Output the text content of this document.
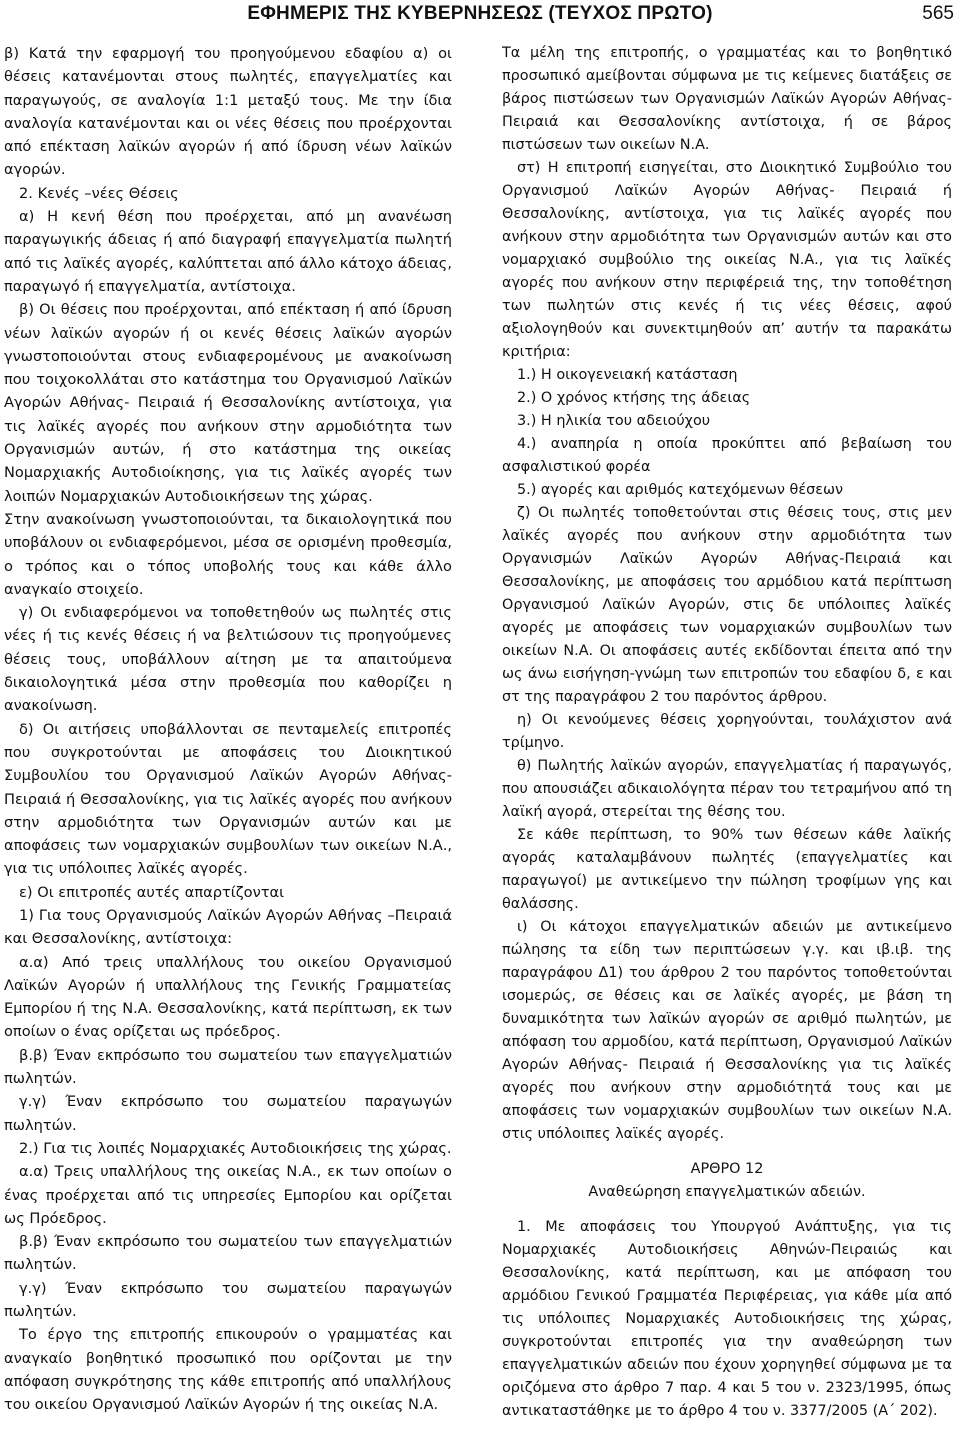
ΕΦΗΜΕΡΙΣ ΤΗΣ ΚΥΒΕΡΝΗΣΕΩΣ (ΤΕΥΧΟΣ ΠΡΩΤΟ)	565

β) Κατά την εφαρμογή του προηγούμενου εδαφίου α) οι θέσεις κατανέμονται στους πωλητές, επαγγελματίες και παραγωγούς, σε αναλογία 1:1 μεταξύ τους. Με την ίδια αναλογία κατανέμονται και οι νέες θέσεις που προέρχονται από επέκταση λαϊκών αγορών ή από ίδρυση νέων λαϊκών αγορών.

2. Κενές –νέες Θέσεις

α) Η κενή θέση που προέρχεται, από μη ανανέωση παραγωγικής άδειας ή από διαγραφή επαγγελματία πωλητή από τις λαϊκές αγορές, καλύπτεται από άλλο κάτοχο άδειας, παραγωγό ή επαγγελματία, αντίστοιχα.

β) Οι θέσεις που προέρχονται, από επέκταση ή από ίδρυση νέων λαϊκών αγορών ή οι κενές θέσεις λαϊκών αγορών γνωστοποιούνται στους ενδιαφερομένους με ανακοίνωση που τοιχοκολλάται στο κατάστημα του Οργανισμού Λαϊκών Αγορών Αθήνας- Πειραιά ή Θεσσαλονίκης αντίστοιχα, για τις λαϊκές αγορές που ανήκουν στην αρμοδιότητα των Οργανισμών αυτών, ή στο κατάστημα της οικείας Νομαρχιακής Αυτοδιοίκησης, για τις λαϊκές αγορές των λοιπών Νομαρχιακών Αυτοδιοικήσεων της χώρας.

Στην ανακοίνωση γνωστοποιούνται, τα δικαιολογητικά που υποβάλουν οι ενδιαφερόμενοι, μέσα σε ορισμένη προθεσμία, ο τρόπος και ο τόπος υποβολής τους και κάθε άλλο αναγκαίο στοιχείο.

γ) Οι ενδιαφερόμενοι να τοποθετηθούν ως πωλητές στις νέες ή τις κενές θέσεις ή να βελτιώσουν τις προηγούμενες θέσεις τους, υποβάλλουν αίτηση με τα απαιτούμενα δικαιολογητικά μέσα στην προθεσμία που καθορίζει η ανακοίνωση.

δ) Οι αιτήσεις υποβάλλονται σε πενταμελείς επιτροπές που συγκροτούνται με αποφάσεις του Διοικητικού Συμβουλίου του Οργανισμού Λαϊκών Αγορών Αθήνας-Πειραιά ή Θεσσαλονίκης, για τις λαϊκές αγορές που ανήκουν στην αρμοδιότητα των Οργανισμών αυτών και με αποφάσεις των νομαρχιακών συμβουλίων των οικείων Ν.Α., για τις υπόλοιπες λαϊκές αγορές.

ε) Οι επιτροπές αυτές απαρτίζονται

1) Για τους Οργανισμούς Λαϊκών Αγορών Αθήνας –Πειραιά και Θεσσαλονίκης, αντίστοιχα:

α.α) Από τρεις υπαλλήλους του οικείου Οργανισμού Λαϊκών Αγορών ή υπαλλήλους της Γενικής Γραμματείας Εμπορίου ή της Ν.Α. Θεσσαλονίκης, κατά περίπτωση, εκ των οποίων ο ένας ορίζεται ως πρόεδρος.

β.β) Έναν εκπρόσωπο του σωματείου των επαγγελματιών πωλητών.

γ.γ) Έναν εκπρόσωπο του σωματείου παραγωγών πωλητών.

2.) Για τις λοιπές Νομαρχιακές Αυτοδιοικήσεις της χώρας.

α.α) Τρεις υπαλλήλους της οικείας Ν.Α., εκ των οποίων ο ένας προέρχεται από τις υπηρεσίες Εμπορίου και ορίζεται ως Πρόεδρος.

β.β) Έναν εκπρόσωπο του σωματείου των επαγγελματιών πωλητών.

γ.γ) Έναν εκπρόσωπο του σωματείου παραγωγών πωλητών.

Το έργο της επιτροπής επικουρούν ο γραμματέας και αναγκαίο βοηθητικό προσωπικό που ορίζονται με την απόφαση συγκρότησης της κάθε επιτροπής από υπαλλήλους του οικείου Οργανισμού Λαϊκών Αγορών ή της οικείας Ν.Α.

Τα μέλη της επιτροπής, ο γραμματέας και το βοηθητικό προσωπικό αμείβονται σύμφωνα με τις κείμενες διατάξεις σε βάρος πιστώσεων των Οργανισμών Λαϊκών Αγορών Αθήνας-Πειραιά και Θεσσαλονίκης αντίστοιχα, ή σε βάρος πιστώσεων των οικείων Ν.Α.

στ) Η επιτροπή εισηγείται, στο Διοικητικό Συμβούλιο του Οργανισμού Λαϊκών Αγορών Αθήνας- Πειραιά ή Θεσσαλονίκης, αντίστοιχα, για τις λαϊκές αγορές που ανήκουν στην αρμοδιότητα των Οργανισμών αυτών και στο νομαρχιακό συμβούλιο της οικείας Ν.Α., για τις λαϊκές αγορές που ανήκουν στην περιφέρειά της, την τοποθέτηση των πωλητών στις κενές ή τις νέες θέσεις, αφού αξιολογηθούν και συνεκτιμηθούν απ’ αυτήν τα παρακάτω κριτήρια:

1.) Η οικογενειακή κατάσταση

2.) Ο χρόνος κτήσης της άδειας

3.) Η ηλικία του αδειούχου

4.) αναπηρία η οποία προκύπτει από βεβαίωση του ασφαλιστικού φορέα

5.) αγορές και αριθμός κατεχόμενων θέσεων

ζ) Οι πωλητές τοποθετούνται στις θέσεις τους, στις μεν λαϊκές αγορές που ανήκουν στην αρμοδιότητα των Οργανισμών Λαϊκών Αγορών Αθήνας-Πειραιά και Θεσσαλονίκης, με αποφάσεις του αρμόδιου κατά περίπτωση Οργανισμού Λαϊκών Αγορών, στις δε υπόλοιπες λαϊκές αγορές με αποφάσεις των νομαρχιακών συμβουλίων των οικείων Ν.Α. Οι αποφάσεις αυτές εκδίδονται έπειτα από την ως άνω εισήγηση-γνώμη των επιτροπών του εδαφίου δ, ε και στ της παραγράφου 2 του παρόντος άρθρου.

η) Οι κενούμενες θέσεις χορηγούνται, τουλάχιστον ανά τρίμηνο.

θ) Πωλητής λαϊκών αγορών, επαγγελματίας ή παραγωγός, που απουσιάζει αδικαιολόγητα πέραν του τετραμήνου από τη λαϊκή αγορά, στερείται της θέσης του.

Σε κάθε περίπτωση, το 90% των θέσεων κάθε λαϊκής αγοράς καταλαμβάνουν πωλητές (επαγγελματίες και παραγωγοί) με αντικείμενο την πώληση τροφίμων γης και θαλάσσης.

ι) Οι κάτοχοι επαγγελματικών αδειών με αντικείμενο πώλησης τα είδη των περιπτώσεων γ.γ. και ιβ.ιβ. της παραγράφου Δ1) του άρθρου 2 του παρόντος τοποθετούνται ισομερώς, σε θέσεις και σε λαϊκές αγορές, με βάση τη δυναμικότητα των λαϊκών αγορών σε αριθμό πωλητών, με απόφαση του αρμοδίου, κατά περίπτωση, Οργανισμού Λαϊκών Αγορών Αθήνας- Πειραιά ή Θεσσαλονίκης για τις λαϊκές αγορές που ανήκουν στην αρμοδιότητά τους και με αποφάσεις των νομαρχιακών συμβουλίων των οικείων Ν.Α. στις υπόλοιπες λαϊκές αγορές.

ΑΡΘΡΟ 12

Αναθεώρηση επαγγελματικών αδειών.

1. Με αποφάσεις του Υπουργού Ανάπτυξης, για τις Νομαρχιακές Αυτοδιοικήσεις Αθηνών-Πειραιώς και Θεσσαλονίκης, κατά περίπτωση, και με απόφαση του αρμόδιου Γενικού Γραμματέα Περιφέρειας, για κάθε μία από τις υπόλοιπες Νομαρχιακές Αυτοδιοικήσεις της χώρας, συγκροτούνται επιτροπές για την αναθεώρηση των επαγγελματικών αδειών που έχουν χορηγηθεί σύμφωνα με τα οριζόμενα στο άρθρο 7 παρ. 4 και 5 του ν. 2323/1995, όπως αντικαταστάθηκε με το άρθρο 4 του ν. 3377/2005 (Α΄ 202).
